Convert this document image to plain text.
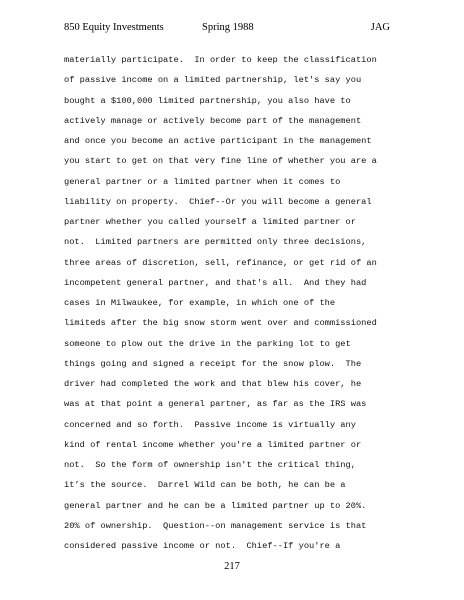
850 Equity Investments	Spring 1988	JAG
materially participate.  In order to keep the classification
of passive income on a limited partnership, let's say you
bought a $100,000 limited partnership, you also have to
actively manage or actively become part of the management
and once you become an active participant in the management
you start to get on that very fine line of whether you are a
general partner or a limited partner when it comes to
liability on property.  Chief--Or you will become a general
partner whether you called yourself a limited partner or
not.  Limited partners are permitted only three decisions,
three areas of discretion, sell, refinance, or get rid of an
incompetent general partner, and that's all.  And they had
cases in Milwaukee, for example, in which one of the
limiteds after the big snow storm went over and commissioned
someone to plow out the drive in the parking lot to get
things going and signed a receipt for the snow plow.  The
driver had completed the work and that blew his cover, he
was at that point a general partner, as far as the IRS was
concerned and so forth.  Passive income is virtually any
kind of rental income whether you're a limited partner or
not.  So the form of ownership isn't the critical thing,
it’s the source.  Darrel Wild can be both, he can be a
general partner and he can be a limited partner up to 20%.
20% of ownership.  Question--on management service is that
considered passive income or not.  Chief--If you're a
217
